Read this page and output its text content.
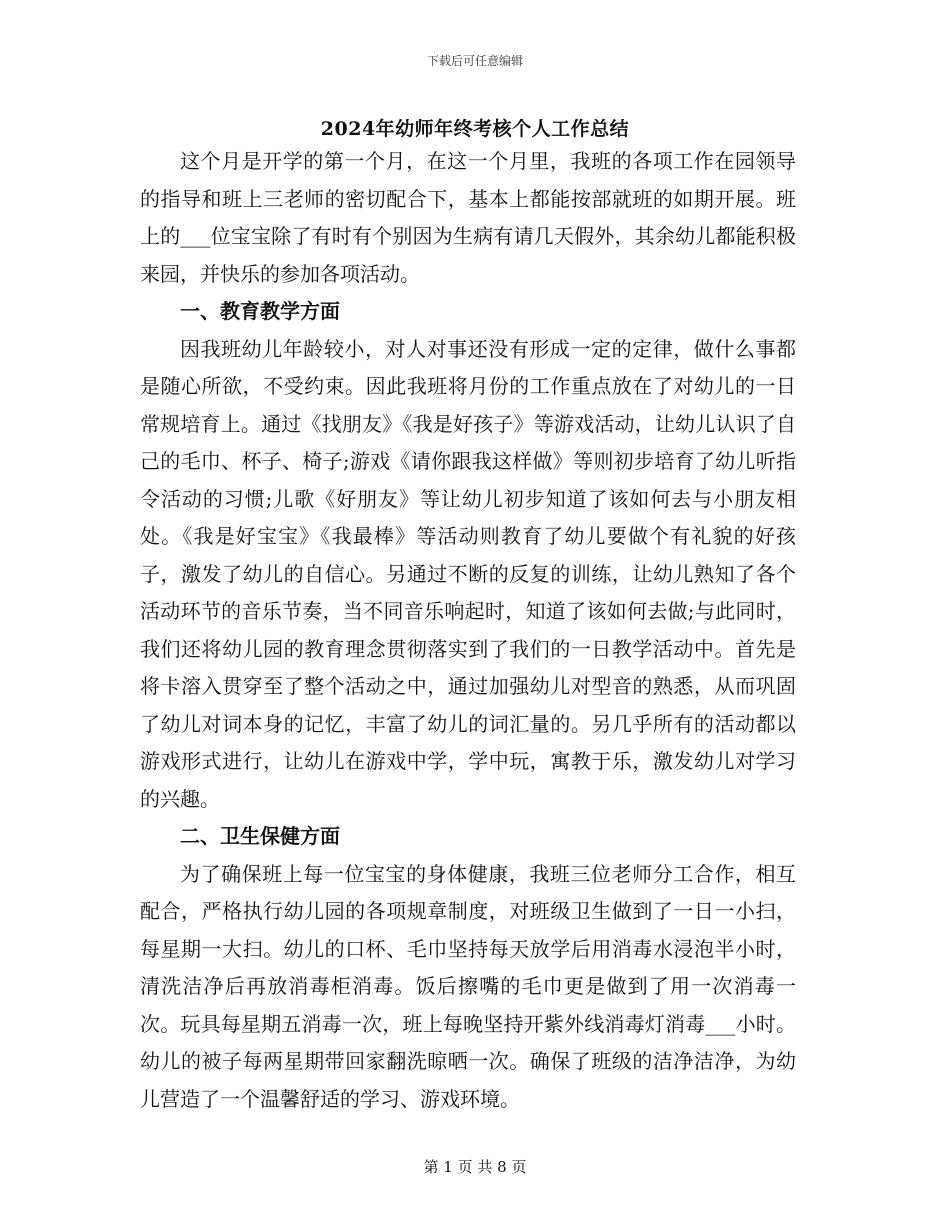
下载后可任意编辑
2024年幼师年终考核个人工作总结

这个月是开学的第一个月，在这一个月里，我班的各项工作在园领导的指导和班上三老师的密切配合下，基本上都能按部就班的如期开展。班上的___位宝宝除了有时有个别因为生病有请几天假外，其余幼儿都能积极来园，并快乐的参加各项活动。

一、教育教学方面

因我班幼儿年龄较小，对人对事还没有形成一定的定律，做什么事都是随心所欲，不受约束。因此我班将月份的工作重点放在了对幼儿的一日常规培育上。通过《找朋友》《我是好孩子》等游戏活动，让幼儿认识了自己的毛巾、杯子、椅子;游戏《请你跟我这样做》等则初步培育了幼儿听指令活动的习惯;儿歌《好朋友》等让幼儿初步知道了该如何去与小朋友相处。《我是好宝宝》《我最棒》等活动则教育了幼儿要做个有礼貌的好孩子，激发了幼儿的自信心。另通过不断的反复的训练，让幼儿熟知了各个活动环节的音乐节奏，当不同音乐响起时，知道了该如何去做;与此同时，我们还将幼儿园的教育理念贯彻落实到了我们的一日教学活动中。首先是将卡溶入贯穿至了整个活动之中，通过加强幼儿对型音的熟悉，从而巩固了幼儿对词本身的记忆，丰富了幼儿的词汇量的。另几乎所有的活动都以游戏形式进行，让幼儿在游戏中学，学中玩，寓教于乐，激发幼儿对学习的兴趣。

二、卫生保健方面

为了确保班上每一位宝宝的身体健康，我班三位老师分工合作，相互配合，严格执行幼儿园的各项规章制度，对班级卫生做到了一日一小扫，每星期一大扫。幼儿的口杯、毛巾坚持每天放学后用消毒水浸泡半小时，清洗洁净后再放消毒柜消毒。饭后擦嘴的毛巾更是做到了用一次消毒一次。玩具每星期五消毒一次，班上每晚坚持开紫外线消毒灯消毒___小时。幼儿的被子每两星期带回家翻洗晾晒一次。确保了班级的洁净洁净，为幼儿营造了一个温馨舒适的学习、游戏环境。

第 1 页 共 8 页
